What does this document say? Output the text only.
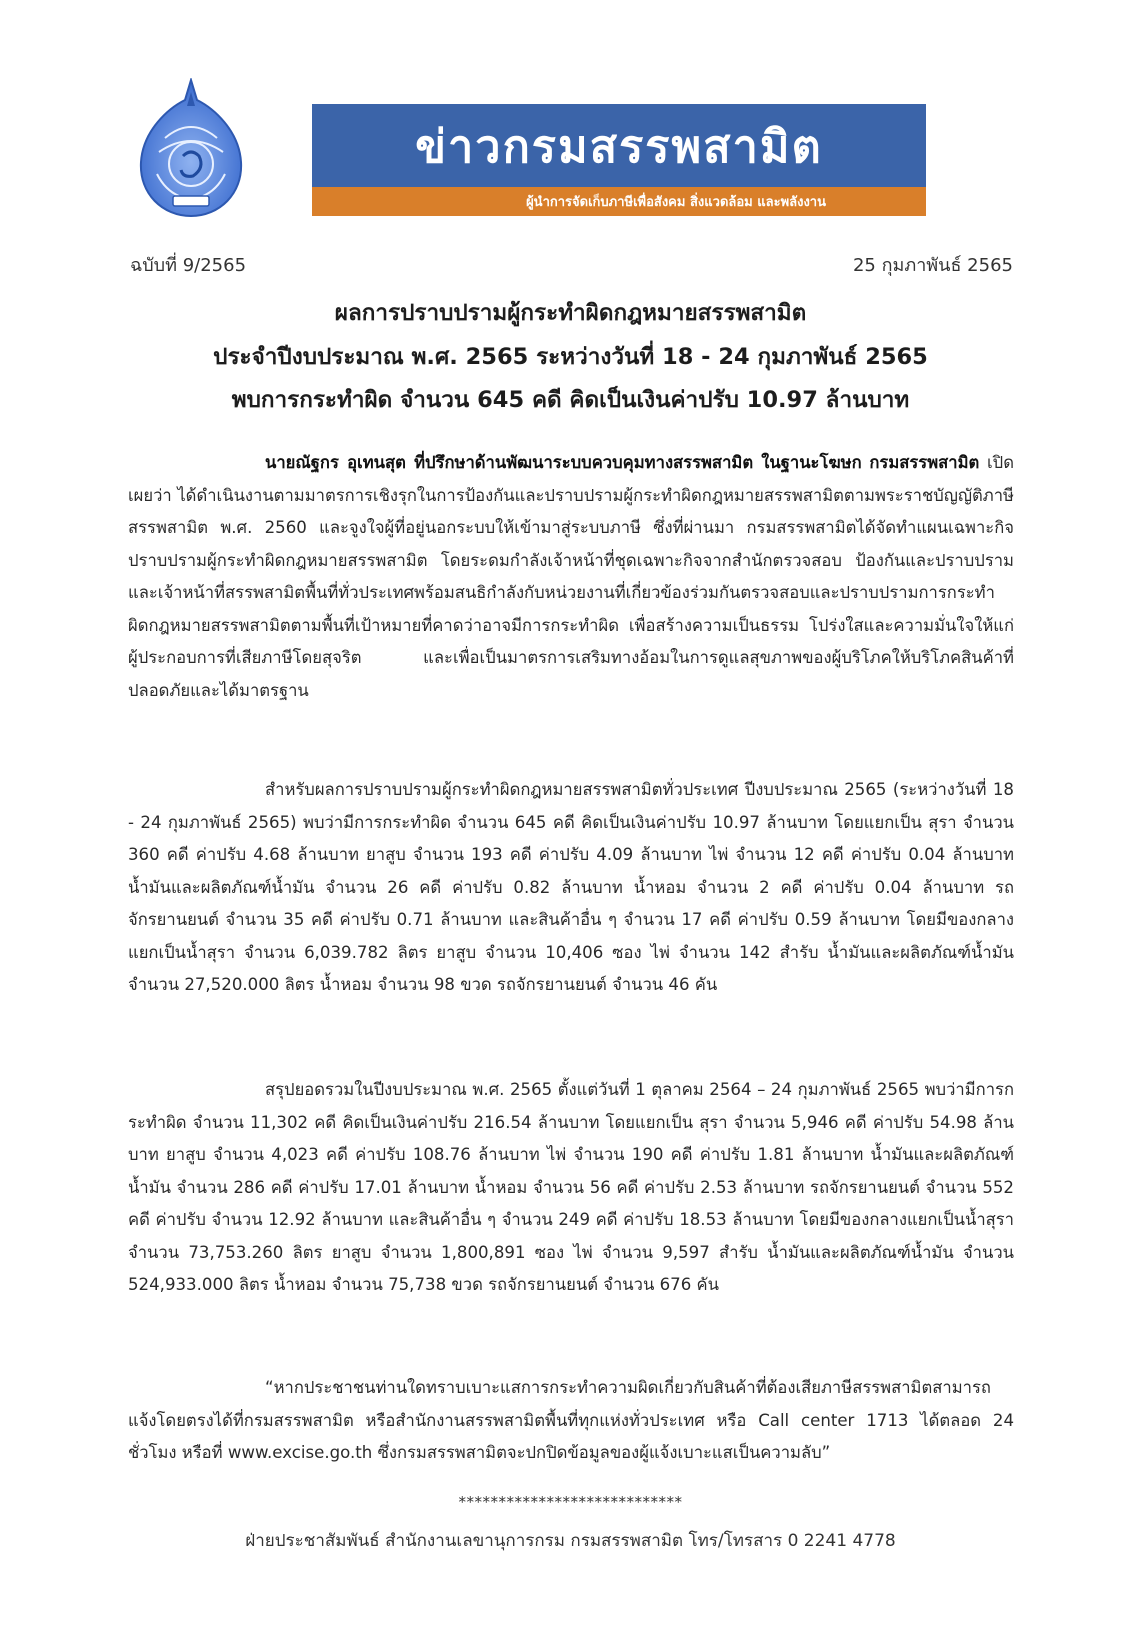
ข่าวกรมสรรพสามิต
ผู้นำการจัดเก็บภาษีเพื่อสังคม สิ่งแวดล้อม และพลังงาน
ฉบับที่ 9/2565	25 กุมภาพันธ์ 2565
ผลการปราบปรามผู้กระทำผิดกฎหมายสรรพสามิต
ประจำปีงบประมาณ พ.ศ. 2565 ระหว่างวันที่ 18 - 24 กุมภาพันธ์ 2565
พบการกระทำผิด จำนวน 645 คดี คิดเป็นเงินค่าปรับ 10.97 ล้านบาท

นายณัฐกร อุเทนสุต ที่ปรึกษาด้านพัฒนาระบบควบคุมทางสรรพสามิต ในฐานะโฆษก กรมสรรพสามิต เปิดเผยว่า ได้ดำเนินงานตามมาตรการเชิงรุกในการป้องกันและปราบปรามผู้กระทำผิดกฎหมายสรรพสามิตตามพระราชบัญญัติภาษีสรรพสามิต พ.ศ. 2560 และจูงใจผู้ที่อยู่นอกระบบให้เข้ามาสู่ระบบภาษี ซึ่งที่ผ่านมา กรมสรรพสามิตได้จัดทำแผนเฉพาะกิจปราบปรามผู้กระทำผิดกฎหมายสรรพสามิต โดยระดมกำลังเจ้าหน้าที่ชุดเฉพาะกิจจากสำนักตรวจสอบ ป้องกันและปราบปราม และเจ้าหน้าที่สรรพสามิตพื้นที่ทั่วประเทศพร้อมสนธิกำลังกับหน่วยงานที่เกี่ยวข้องร่วมกันตรวจสอบและปราบปรามการกระทำผิดกฎหมายสรรพสามิตตามพื้นที่เป้าหมายที่คาดว่าอาจมีการกระทำผิด เพื่อสร้างความเป็นธรรม โปร่งใสและความมั่นใจให้แก่ผู้ประกอบการที่เสียภาษีโดยสุจริต และเพื่อเป็นมาตรการเสริมทางอ้อมในการดูแลสุขภาพของผู้บริโภคให้บริโภคสินค้าที่ปลอดภัยและได้มาตรฐาน

สำหรับผลการปราบปรามผู้กระทำผิดกฎหมายสรรพสามิตทั่วประเทศ ปีงบประมาณ 2565 (ระหว่างวันที่ 18 - 24 กุมภาพันธ์ 2565) พบว่ามีการกระทำผิด จำนวน 645 คดี คิดเป็นเงินค่าปรับ 10.97 ล้านบาท โดยแยกเป็น สุรา จำนวน 360 คดี ค่าปรับ 4.68 ล้านบาท ยาสูบ จำนวน 193 คดี ค่าปรับ 4.09 ล้านบาท ไพ่ จำนวน 12 คดี ค่าปรับ 0.04 ล้านบาท น้ำมันและผลิตภัณฑ์น้ำมัน จำนวน 26 คดี ค่าปรับ 0.82 ล้านบาท น้ำหอม จำนวน 2 คดี ค่าปรับ 0.04 ล้านบาท รถจักรยานยนต์ จำนวน 35 คดี ค่าปรับ 0.71 ล้านบาท และสินค้าอื่น ๆ จำนวน 17 คดี ค่าปรับ 0.59 ล้านบาท โดยมีของกลางแยกเป็นน้ำสุรา จำนวน 6,039.782 ลิตร ยาสูบ จำนวน 10,406 ซอง ไพ่ จำนวน 142 สำรับ น้ำมันและผลิตภัณฑ์น้ำมัน จำนวน 27,520.000 ลิตร น้ำหอม จำนวน 98 ขวด รถจักรยานยนต์ จำนวน 46 คัน

สรุปยอดรวมในปีงบประมาณ พ.ศ. 2565 ตั้งแต่วันที่ 1 ตุลาคม 2564 – 24 กุมภาพันธ์ 2565 พบว่ามีการกระทำผิด จำนวน 11,302 คดี คิดเป็นเงินค่าปรับ 216.54 ล้านบาท โดยแยกเป็น สุรา จำนวน 5,946 คดี ค่าปรับ 54.98 ล้านบาท ยาสูบ จำนวน 4,023 คดี ค่าปรับ 108.76 ล้านบาท ไพ่ จำนวน 190 คดี ค่าปรับ 1.81 ล้านบาท น้ำมันและผลิตภัณฑ์น้ำมัน จำนวน 286 คดี ค่าปรับ 17.01 ล้านบาท น้ำหอม จำนวน 56 คดี ค่าปรับ 2.53 ล้านบาท รถจักรยานยนต์ จำนวน 552 คดี ค่าปรับ จำนวน 12.92 ล้านบาท และสินค้าอื่น ๆ จำนวน 249 คดี ค่าปรับ 18.53 ล้านบาท โดยมีของกลางแยกเป็นน้ำสุรา จำนวน 73,753.260 ลิตร ยาสูบ จำนวน 1,800,891 ซอง ไพ่ จำนวน 9,597 สำรับ น้ำมันและผลิตภัณฑ์น้ำมัน จำนวน 524,933.000 ลิตร น้ำหอม จำนวน 75,738 ขวด รถจักรยานยนต์ จำนวน 676 คัน

“หากประชาชนท่านใดทราบเบาะแสการกระทำความผิดเกี่ยวกับสินค้าที่ต้องเสียภาษีสรรพสามิตสามารถแจ้งโดยตรงได้ที่กรมสรรพสามิต หรือสำนักงานสรรพสามิตพื้นที่ทุกแห่งทั่วประเทศ หรือ Call center 1713 ได้ตลอด 24 ชั่วโมง หรือที่ www.excise.go.th ซึ่งกรมสรรพสามิตจะปกปิดข้อมูลของผู้แจ้งเบาะแสเป็นความลับ”

****************************
ฝ่ายประชาสัมพันธ์ สำนักงานเลขานุการกรม กรมสรรพสามิต โทร/โทรสาร 0 2241 4778
